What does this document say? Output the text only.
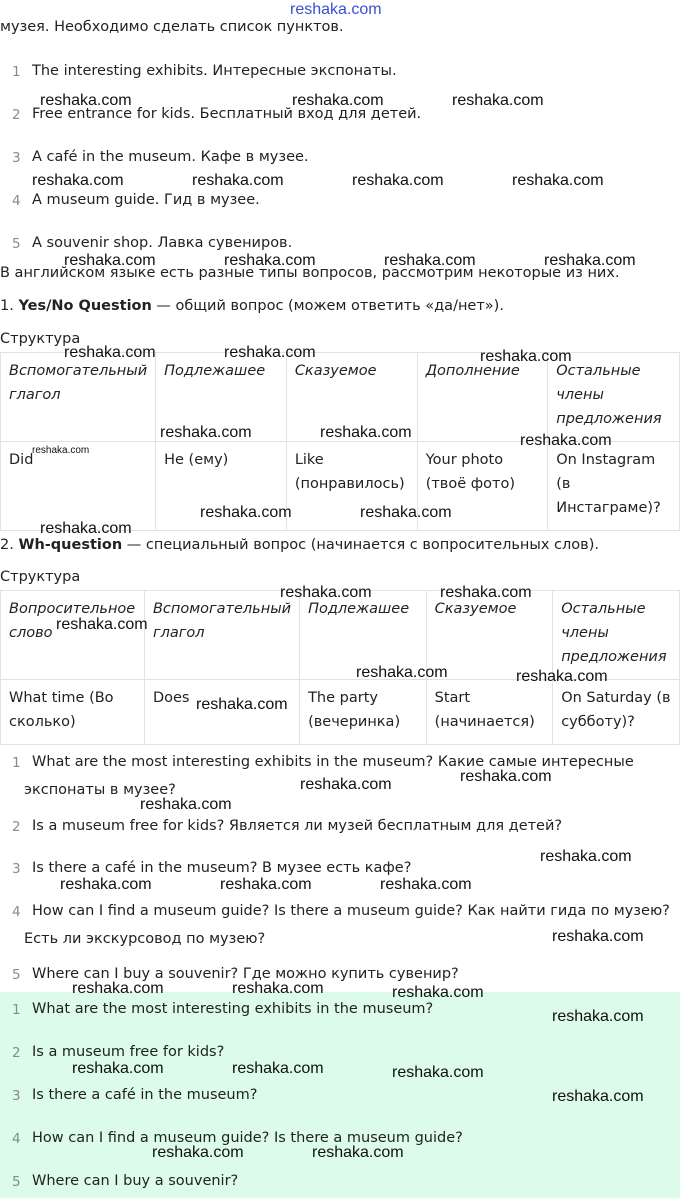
reshaka.com
музея. Необходимо сделать список пунктов.
1 The interesting exhibits. Интересные экспонаты.
2 Free entrance for kids. Бесплатный вход для детей.
3 A café in the museum. Кафе в музее.
4 A museum guide. Гид в музее.
5 A souvenir shop. Лавка сувениров.
В английском языке есть разные типы вопросов, рассмотрим некоторые из них.
1. Yes/No Question — общий вопрос (можем ответить «да/нет»).
Структура
Вспомогательный глагол	Подлежашее	Сказуемое	Дополнение	Остальные члены предложения
Did	Не (ему)	Like (понравилось)	Your photo (твоё фото)	On Instagram (в Инстаграме)?
2. Wh-question — специальный вопрос (начинается с вопросительных слов).
Структура
Вопросительное слово	Вспомогательный глагол	Подлежашее	Сказуемое	Остальные члены предложения
What time (Во сколько)	Does	The party (вечеринка)	Start (начинается)	On Saturday (в субботу)?
1 What are the most interesting exhibits in the museum? Какие самые интересные
экспонаты в музее?
2 Is a museum free for kids? Является ли музей бесплатным для детей?
3 Is there a café in the museum? В музее есть кафе?
4 How can I find a museum guide? Is there a museum guide? Как найти гида по музею?
Есть ли экскурсовод по музею?
5 Where can I buy a souvenir? Где можно купить сувенир?
1 What are the most interesting exhibits in the museum?
2 Is a museum free for kids?
3 Is there a café in the museum?
4 How can I find a museum guide? Is there a museum guide?
5 Where can I buy a souvenir?
reshaka.com	reshaka.com	reshaka.com
reshaka.com	reshaka.com	reshaka.com	reshaka.com
reshaka.com	reshaka.com	reshaka.com	reshaka.com
reshaka.com	reshaka.com	reshaka.com
reshaka.com	reshaka.com	reshaka.com
reshaka.com
reshaka.com	reshaka.com
reshaka.com
reshaka.com	reshaka.com
reshaka.com
reshaka.com	reshaka.com
reshaka.com
reshaka.com
reshaka.com
reshaka.com
reshaka.com
reshaka.com	reshaka.com	reshaka.com
reshaka.com
reshaka.com	reshaka.com	reshaka.com
reshaka.com
reshaka.com	reshaka.com	reshaka.com
reshaka.com
reshaka.com	reshaka.com
